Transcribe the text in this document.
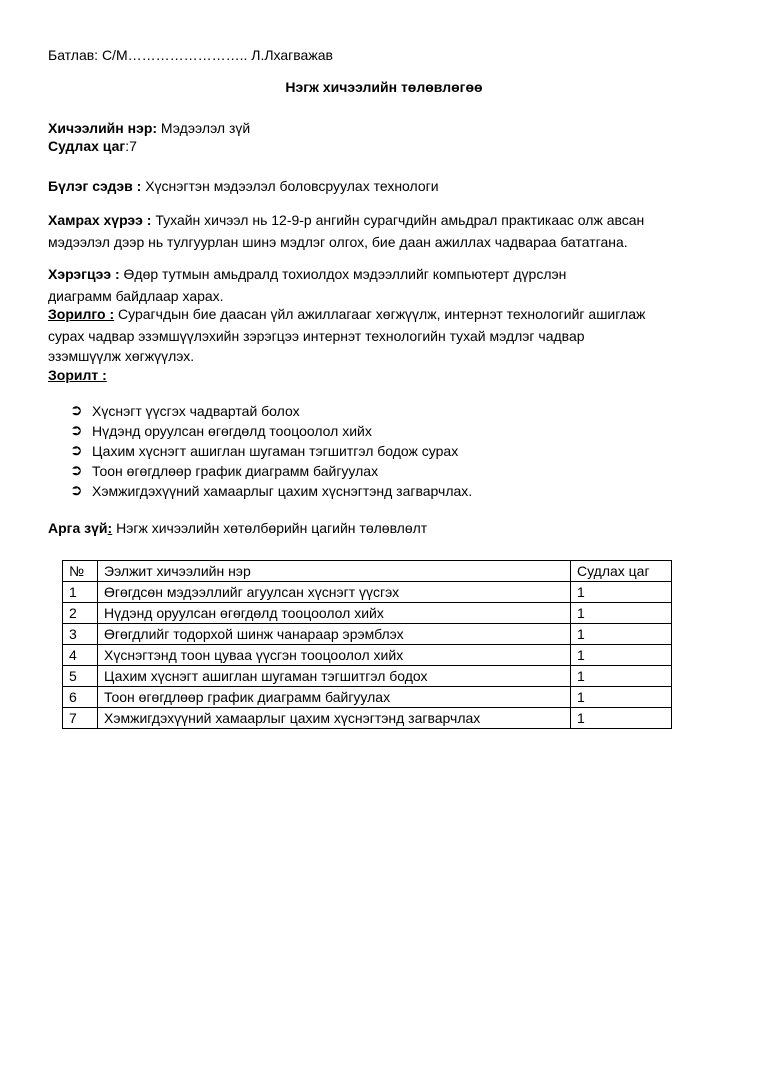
Батлав: С/М…………………….. Л.Лхагважав
Нэгж хичээлийн төлөвлөгөө
Хичээлийн нэр: Мэдээлэл зүй
Судлах цаг:7
Бүлэг сэдэв : Хүснэгтэн мэдээлэл боловсруулах технологи
Хамрах хүрээ : Тухайн хичээл нь 12-9-р ангийн сурагчдийн амьдрал практикаас олж авсан
мэдээлэл дээр нь тулгуурлан шинэ мэдлэг олгох, бие даан ажиллах чадвараа бататгана.
Хэрэгцээ : Өдөр тутмын амьдралд тохиолдох мэдээллийг компьютерт дүрслэн
диаграмм байдлаар харах.
Зорилго : Сурагчдын бие даасан үйл ажиллагааг хөгжүүлж, интернэт технологийг ашиглаж
сурах чадвар эзэмшүүлэхийн зэрэгцээ интернэт технологийн тухай мэдлэг чадвар
эзэмшүүлж хөгжүүлэх.
Зорилт :
➲ Хүснэгт үүсгэх чадвартай болох
➲ Нүдэнд оруулсан өгөгдөлд тооцоолол хийх
➲ Цахим хүснэгт ашиглан шугаман тэгшитгэл бодож сурах
➲ Тоон өгөгдлөөр график диаграмм байгуулах
➲ Хэмжигдэхүүний хамаарлыг цахим хүснэгтэнд загварчлах.
Арга зүй: Нэгж хичээлийн хөтөлбөрийн цагийн төлөвлөлт
№	Ээлжит хичээлийн нэр	Судлах цаг
1	Өгөгдсөн мэдээллийг агуулсан хүснэгт үүсгэх	1
2	Нүдэнд оруулсан өгөгдөлд тооцоолол хийх	1
3	Өгөгдлийг тодорхой шинж чанараар эрэмблэх	1
4	Хүснэгтэнд тоон цуваа үүсгэн тооцоолол хийх	1
5	Цахим хүснэгт ашиглан шугаман тэгшитгэл бодох	1
6	Тоон өгөгдлөөр график диаграмм байгуулах	1
7	Хэмжигдэхүүний хамаарлыг цахим хүснэгтэнд загварчлах	1
